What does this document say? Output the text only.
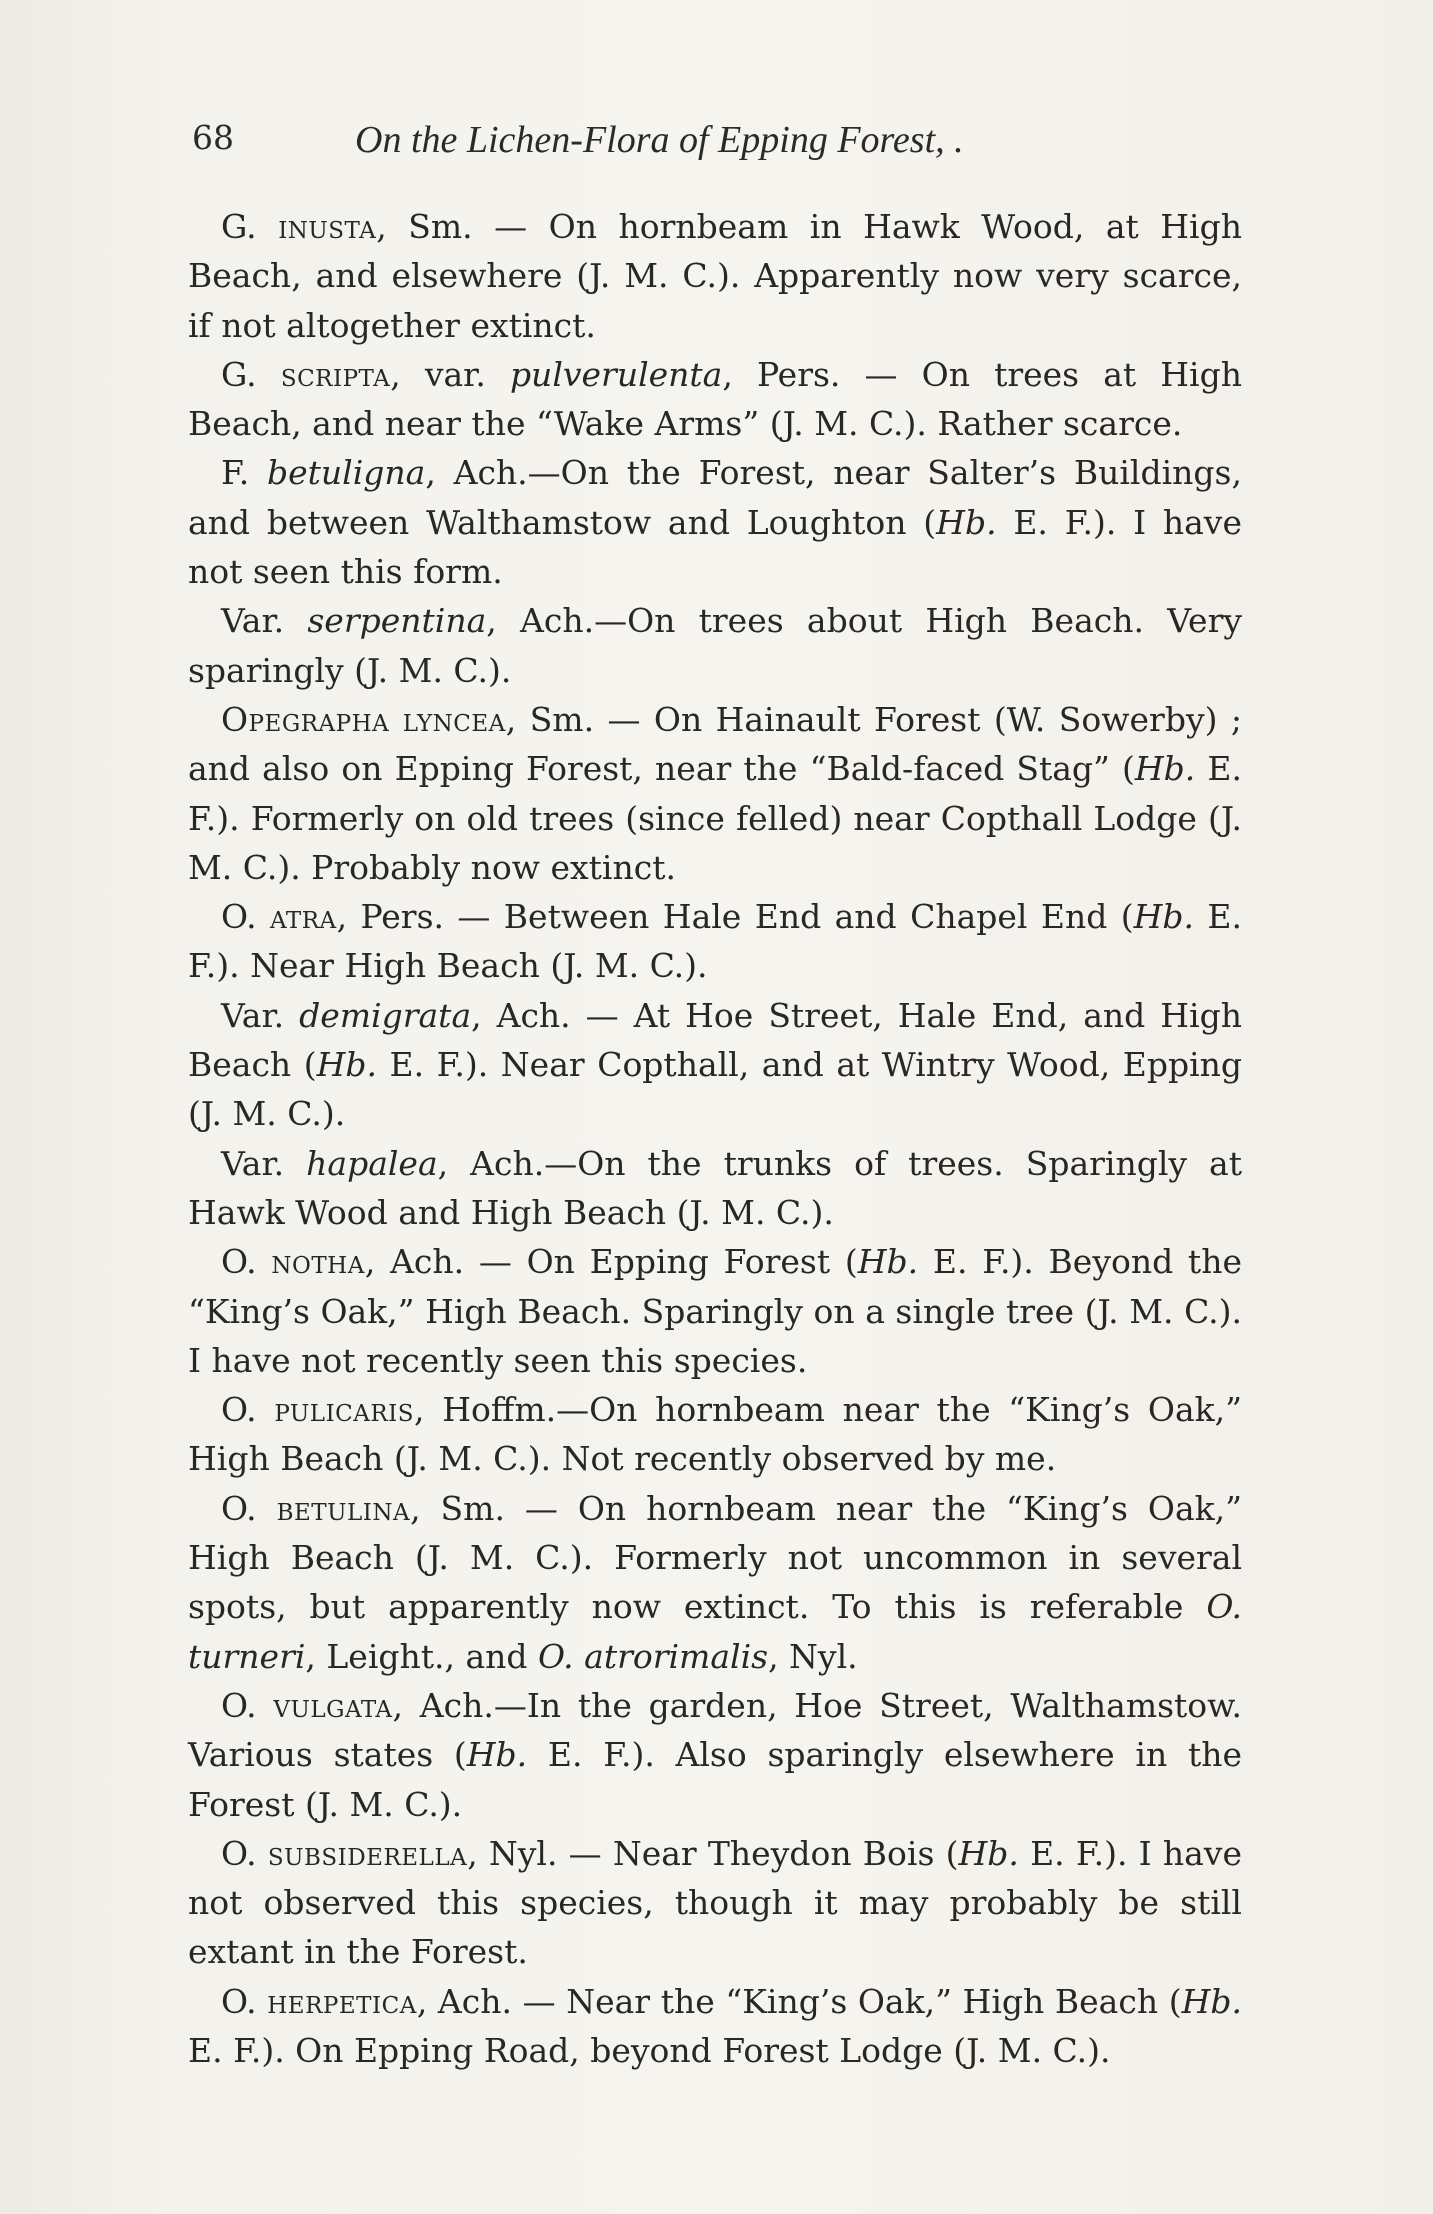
68	On the Lichen-Flora of Epping Forest, .

 G. inusta, Sm. — On hornbeam in Hawk Wood, at High Beach, and elsewhere (J. M. C.). Apparently now very scarce, if not altogether extinct.

 G. scripta, var. pulverulenta, Pers. — On trees at High Beach, and near the “Wake Arms” (J. M. C.). Rather scarce.

 F. betuligna, Ach.—On the Forest, near Salter’s Buildings, and between Walthamstow and Loughton (Hb. E. F.). I have not seen this form.

 Var. serpentina, Ach.—On trees about High Beach. Very sparingly (J. M. C.).

 Opegrapha lyncea, Sm. — On Hainault Forest (W. Sowerby) ; and also on Epping Forest, near the “Bald-faced Stag” (Hb. E. F.). Formerly on old trees (since felled) near Copthall Lodge (J. M. C.). Probably now extinct.

 O. atra, Pers. — Between Hale End and Chapel End (Hb. E. F.). Near High Beach (J. M. C.).

 Var. demigrata, Ach. — At Hoe Street, Hale End, and High Beach (Hb. E. F.). Near Copthall, and at Wintry Wood, Epping (J. M. C.).

 Var. hapalea, Ach.—On the trunks of trees. Sparingly at Hawk Wood and High Beach (J. M. C.).

 O. notha, Ach. — On Epping Forest (Hb. E. F.). Beyond the “King’s Oak,” High Beach. Sparingly on a single tree (J. M. C.). I have not recently seen this species.

 O. pulicaris, Hoffm.—On hornbeam near the “King’s Oak,” High Beach (J. M. C.). Not recently observed by me.

 O. betulina, Sm. — On hornbeam near the “King’s Oak,” High Beach (J. M. C.). Formerly not uncommon in several spots, but apparently now extinct. To this is referable O. turneri, Leight., and O. atrorimalis, Nyl.

 O. vulgata, Ach.—In the garden, Hoe Street, Walthamstow. Various states (Hb. E. F.). Also sparingly elsewhere in the Forest (J. M. C.).

 O. subsiderella, Nyl. — Near Theydon Bois (Hb. E. F.). I have not observed this species, though it may probably be still extant in the Forest.

 O. herpetica, Ach. — Near the “King’s Oak,” High Beach (Hb. E. F.). On Epping Road, beyond Forest Lodge (J. M. C.).
